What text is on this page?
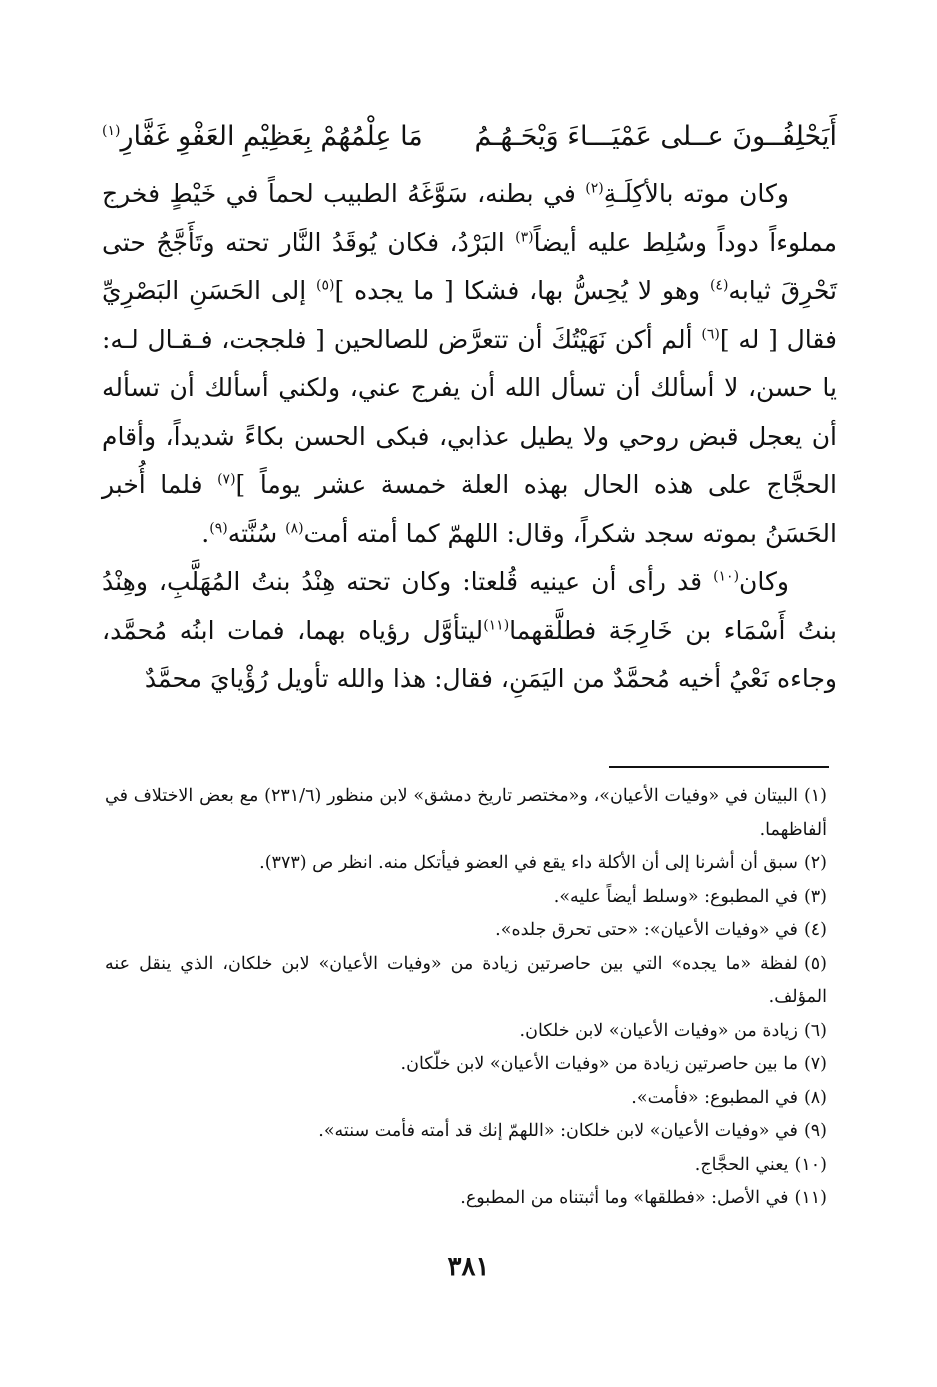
أَيَحْلِفُــونَ عــلى عَمْيَـــاءَ وَيْحَـهُـمُ
مَا عِلْمُهُمْ بِعَظِيْمِ العَفْوِ غَفَّارِ$^{(١)}$

وكان موته بالأكِلَـةِ$^{(٢)}$ في بطنه، سَوَّغَهُ الطبيب لحماً في خَيْطٍ فخرج مملوءاً دوداً وسُلِط عليه أيضاً$^{(٣)}$ البَرْدُ، فكان يُوقَدُ النَّار تحته وتَأَجَّجُ حتى تَحْرِقَ ثيابه$^{(٤)}$ وهو لا يُحِسُّ بها، فشكا [ ما يجده ]$^{(٥)}$ إلى الحَسَنِ البَصْرِيِّ فقال [ له ]$^{(٦)}$ ألم أكن نَهَيْتُكَ أن تتعرَّض للصالحين [ فلججت، فـقـال لـه: يا حسن، لا أسألك أن تسأل الله أن يفرج عني، ولكني أسألك أن تسأله أن يعجل قبض روحي ولا يطيل عذابي، فبكى الحسن بكاءً شديداً، وأقام الحجَّاج على هذه الحال بهذه العلة خمسة عشر يوماً ]$^{(٧)}$ فلما أُخبر الحَسَنُ بموته سجد شكراً، وقال: اللهمّ كما أمته أمت$^{(٨)}$ سُنَّته$^{(٩)}$.

وكان$^{(١٠)}$ قد رأى أن عينيه قُلعتا: وكان تحته هِنْدُ بنتُ المُهَلَّبِ، وهِنْدُ بنتُ أَسْمَاء بن خَارِجَة فطلَّقهما$^{(١١)}$ليتأوَّل رؤياه بهما، فمات ابنُه مُحمَّد، وجاءه نَعْيُ أخيه مُحمَّدٌ من اليَمَنِ، فقال: هذا والله تأويل رُؤْيايَ محمَّدٌ

(١)البيتان في «وفيات الأعيان»، و«مختصر تاريخ دمشق» لابن منظور (٢٣١/٦) مع بعض الاختلاف في ألفاظهما.
(٢)سبق أن أشرنا إلى أن الأكلة داء يقع في العضو فيأتكل منه. انظر ص (٣٧٣).
(٣)في المطبوع: «وسلط أيضاً عليه».
(٤)في «وفيات الأعيان»: «حتى تحرق جلده».
(٥)لفظة «ما يجده» التي بين حاصرتين زيادة من «وفيات الأعيان» لابن خلكان، الذي ينقل عنه المؤلف.
(٦)زيادة من «وفيات الأعيان» لابن خلكان.
(٧)ما بين حاصرتين زيادة من «وفيات الأعيان» لابن خلّكان.
(٨)في المطبوع: «فأمت».
(٩)في «وفيات الأعيان» لابن خلكان: «اللهمّ إنك قد أمته فأمت سنته».
(١٠)يعني الحجَّاج.
(١١)في الأصل: «فطلقها» وما أثبتناه من المطبوع.
٣٨١
